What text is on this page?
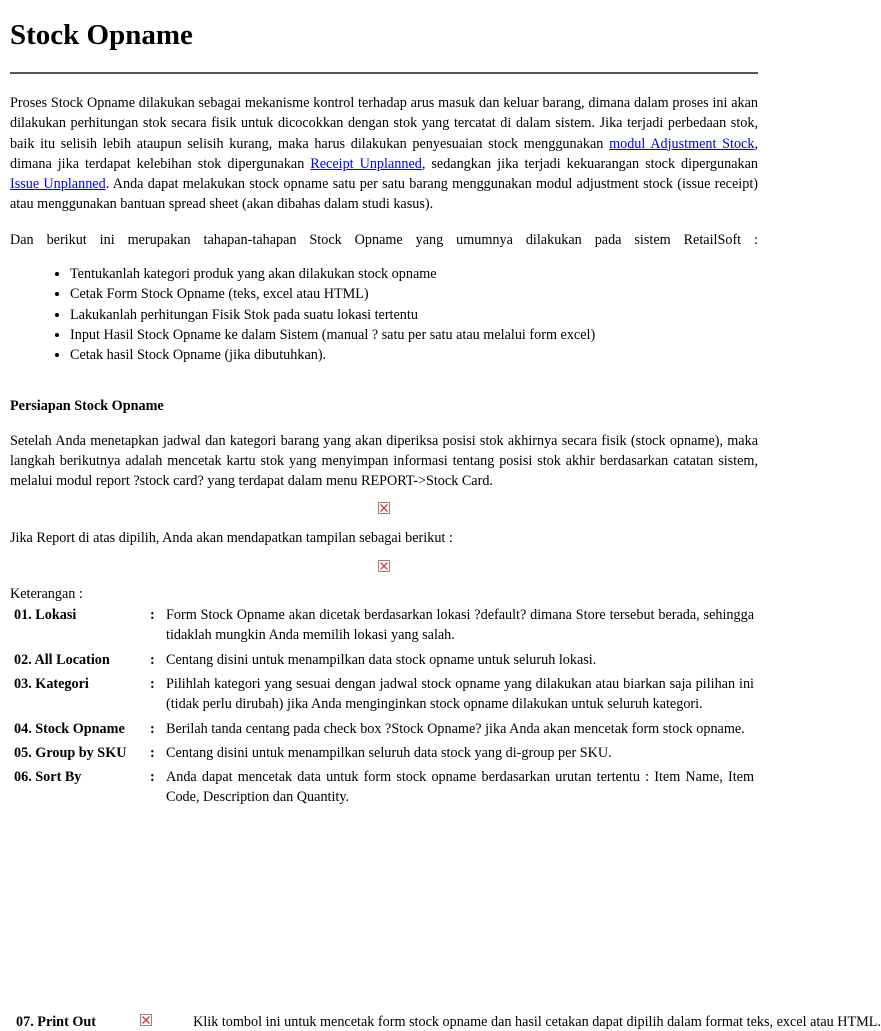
Stock Opname

Proses Stock Opname dilakukan sebagai mekanisme kontrol terhadap arus masuk dan keluar barang, dimana dalam proses ini akan dilakukan perhitungan stok secara fisik untuk dicocokkan dengan stok yang tercatat di dalam sistem. Jika terjadi perbedaan stok, baik itu selisih lebih ataupun selisih kurang, maka harus dilakukan penyesuaian stock menggunakan modul Adjustment Stock, dimana jika terdapat kelebihan stok dipergunakan Receipt Unplanned, sedangkan jika terjadi kekuarangan stock dipergunakan Issue Unplanned. Anda dapat melakukan stock opname satu per satu barang menggunakan modul adjustment stock (issue receipt) atau menggunakan bantuan spread sheet (akan dibahas dalam studi kasus).

Dan berikut ini merupakan tahapan-tahapan Stock Opname yang umumnya dilakukan pada sistem RetailSoft :

• Tentukanlah kategori produk yang akan dilakukan stock opname
• Cetak Form Stock Opname (teks, excel atau HTML)
• Lakukanlah perhitungan Fisik Stok pada suatu lokasi tertentu
• Input Hasil Stock Opname ke dalam Sistem (manual ? satu per satu atau melalui form excel)
• Cetak hasil Stock Opname (jika dibutuhkan).

Persiapan Stock Opname

Setelah Anda menetapkan jadwal dan kategori barang yang akan diperiksa posisi stok akhirnya secara fisik (stock opname), maka langkah berikutnya adalah mencetak kartu stok yang menyimpan informasi tentang posisi stok akhir berdasarkan catatan sistem, melalui modul report ?stock card? yang terdapat dalam menu REPORT->Stock Card.

Jika Report di atas dipilih, Anda akan mendapatkan tampilan sebagai berikut :

Keterangan :
01. Lokasi	:	Form Stock Opname akan dicetak berdasarkan lokasi ?default? dimana Store tersebut berada, sehingga tidaklah mungkin Anda memilih lokasi yang salah.
02. All Location	:	Centang disini untuk menampilkan data stock opname untuk seluruh lokasi.
03. Kategori	:	Pilihlah kategori yang sesuai dengan jadwal stock opname yang dilakukan atau biarkan saja pilihan ini (tidak perlu dirubah) jika Anda menginginkan stock opname dilakukan untuk seluruh kategori.
04. Stock Opname	:	Berilah tanda centang pada check box ?Stock Opname? jika Anda akan mencetak form stock opname.
05. Group by SKU	:	Centang disini untuk menampilkan seluruh data stock yang di-group per SKU.
06. Sort By	:	Anda dapat mencetak data untuk form stock opname berdasarkan urutan tertentu : Item Name, Item Code, Description dan Quantity.
07. Print Out	Klik tombol ini untuk mencetak form stock opname dan hasil cetakan dapat dipilih dalam format teks, excel atau HTML.
